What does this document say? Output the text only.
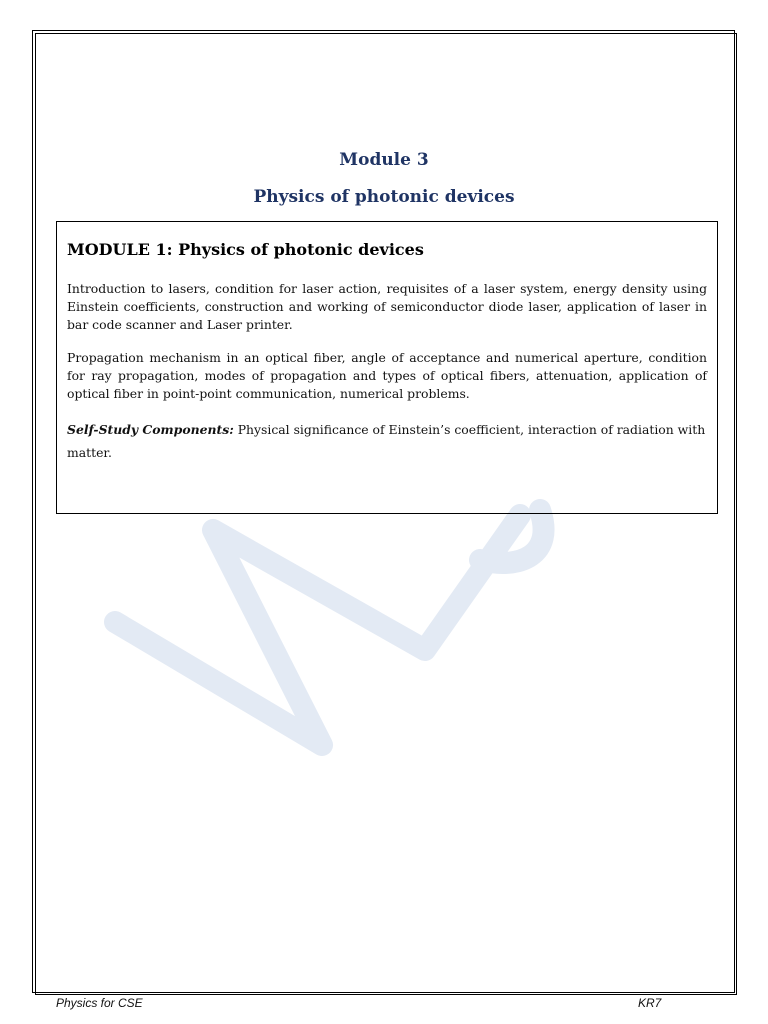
Module 3
Physics of photonic devices
MODULE 1: Physics of photonic devices

Introduction to lasers, condition for laser action, requisites of a laser system, energy density using Einstein coefficients, construction and working of semiconductor diode laser, application of laser in bar code scanner and Laser printer.

Propagation mechanism in an optical fiber, angle of acceptance and numerical aperture, condition for ray propagation, modes of propagation and types of optical fibers, attenuation, application of optical fiber in point-point communication, numerical problems.

Self-Study Components: Physical significance of Einstein’s coefficient, interaction of radiation with matter.

Physics for CSE	KR7
